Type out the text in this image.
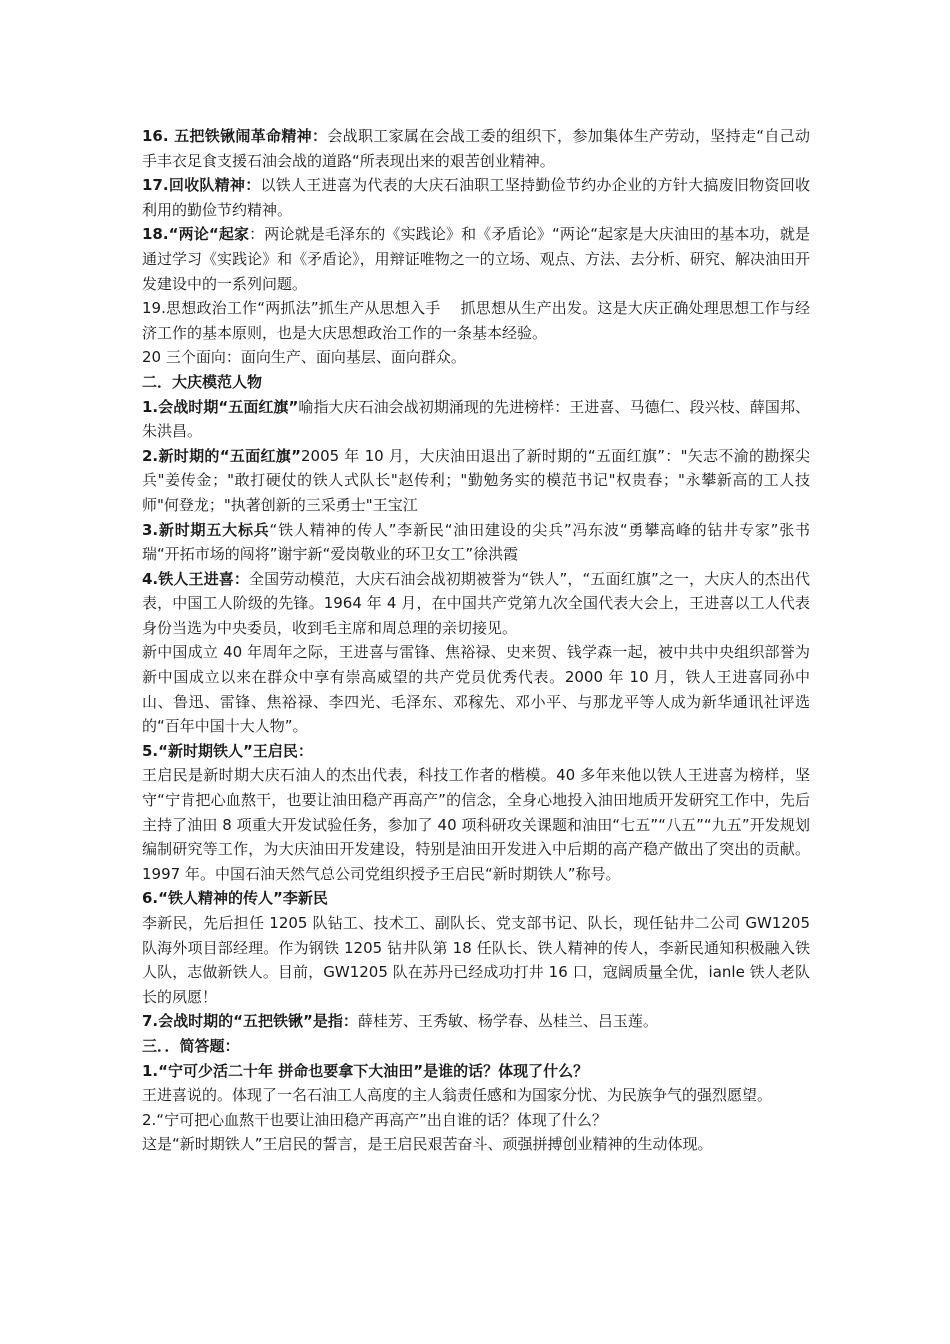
16. 五把铁锹闹革命精神：会战职工家属在会战工委的组织下，参加集体生产劳动，坚持走“自己动手丰衣足食支援石油会战的道路“所表现出来的艰苦创业精神。

17.回收队精神：以铁人王进喜为代表的大庆石油职工坚持勤俭节约办企业的方针大搞废旧物资回收利用的勤俭节约精神。

18.“两论“起家：两论就是毛泽东的《实践论》和《矛盾论》“两论“起家是大庆油田的基本功，就是通过学习《实践论》和《矛盾论》，用辩证唯物之一的立场、观点、方法、去分析、研究、解决油田开发建设中的一系列问题。

19.思想政治工作“两抓法”抓生产从思想入手　 抓思想从生产出发。这是大庆正确处理思想工作与经济工作的基本原则，也是大庆思想政治工作的一条基本经验。

20 三个面向：面向生产、面向基层、面向群众。

二．大庆模范人物

1.会战时期“五面红旗”喻指大庆石油会战初期涌现的先进榜样：王进喜、马德仁、段兴枝、薛国邦、朱洪昌。

2.新时期的“五面红旗”2005 年 10 月，大庆油田退出了新时期的“五面红旗”："矢志不渝的勘探尖兵"姜传金；"敢打硬仗的铁人式队长"赵传利；"勤勉务实的模范书记"权贵春；"永攀新高的工人技师"何登龙；"执著创新的三采勇士"王宝江

3.新时期五大标兵“铁人精神的传人”李新民“油田建设的尖兵”冯东波“勇攀高峰的钻井专家”张书瑞“开拓市场的闯将”谢宇新“爱岗敬业的环卫女工”徐洪霞

4.铁人王进喜：全国劳动模范，大庆石油会战初期被誉为“铁人”，“五面红旗”之一，大庆人的杰出代表，中国工人阶级的先锋。1964 年 4 月，在中国共产党第九次全国代表大会上，王进喜以工人代表身份当选为中央委员，收到毛主席和周总理的亲切接见。

新中国成立 40 年周年之际，王进喜与雷锋、焦裕禄、史来贺、钱学森一起，被中共中央组织部誉为新中国成立以来在群众中享有崇高威望的共产党员优秀代表。2000 年 10 月，铁人王进喜同孙中山、鲁迅、雷锋、焦裕禄、李四光、毛泽东、邓稼先、邓小平、与那龙平等人成为新华通讯社评选的“百年中国十大人物”。

5.“新时期铁人”王启民：

王启民是新时期大庆石油人的杰出代表，科技工作者的楷模。40 多年来他以铁人王进喜为榜样，坚守“宁肯把心血熬干，也要让油田稳产再高产”的信念，全身心地投入油田地质开发研究工作中，先后主持了油田 8 项重大开发试验任务，参加了 40 项科研攻关课题和油田“七五”“八五”“九五”开发规划编制研究等工作，为大庆油田开发建设，特别是油田开发进入中后期的高产稳产做出了突出的贡献。1997 年。中国石油天然气总公司党组织授予王启民“新时期铁人”称号。

6.“铁人精神的传人”李新民

李新民，先后担任 1205 队钻工、技术工、副队长、党支部书记、队长，现任钻井二公司 GW1205 队海外项目部经理。作为钢铁 1205 钻井队第 18 任队长、铁人精神的传人，李新民通知积极融入铁人队，志做新铁人。目前，GW1205 队在苏丹已经成功打井 16 口，寇阔质量全优，ianle 铁人老队长的夙愿！

7.会战时期的“五把铁锹”是指：薛桂芳、王秀敏、杨学春、丛桂兰、吕玉莲。

三．．简答题：

1.“宁可少活二十年 拼命也要拿下大油田”是谁的话？体现了什么？

王进喜说的。体现了一名石油工人高度的主人翁责任感和为国家分忧、为民族争气的强烈愿望。

2.“宁可把心血熬干也要让油田稳产再高产”出自谁的话？体现了什么？

这是“新时期铁人”王启民的誓言，是王启民艰苦奋斗、顽强拼搏创业精神的生动体现。
